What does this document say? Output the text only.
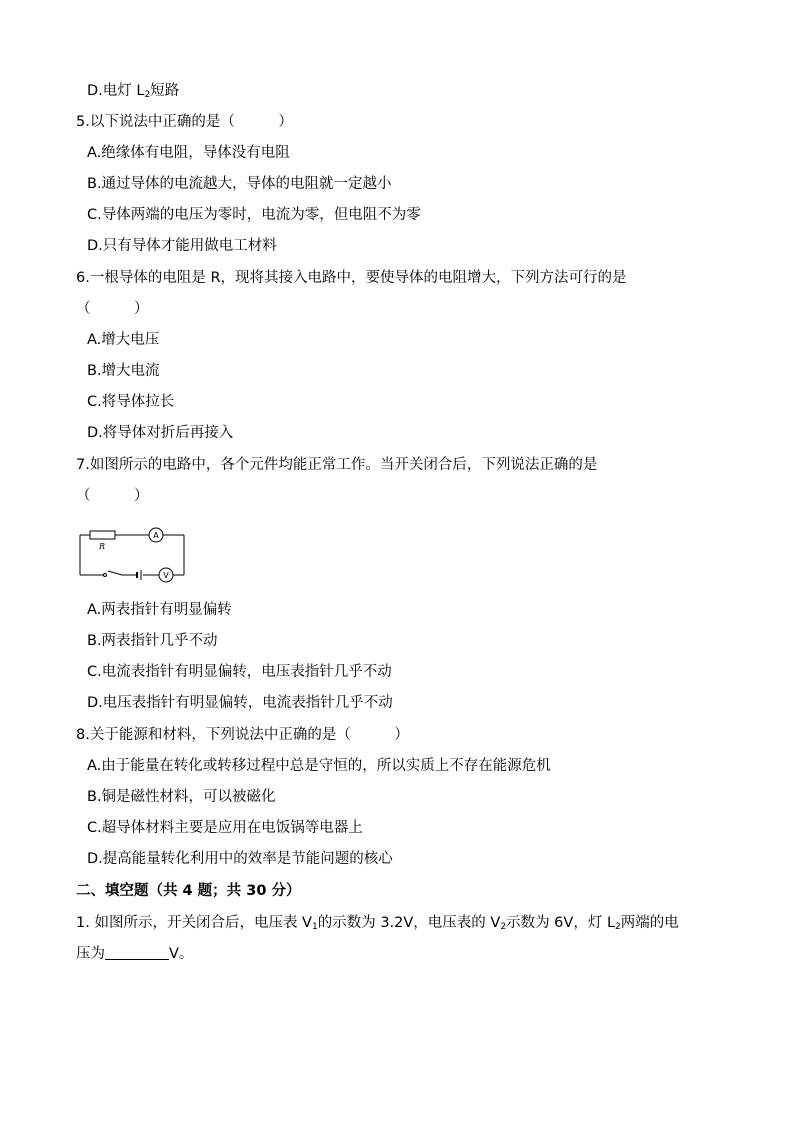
D.电灯 $L_2$短路
5.以下说法中正确的是（　　　）
A.绝缘体有电阻，导体没有电阻
B.通过导体的电流越大，导体的电阻就一定越小
C.导体两端的电压为零时，电流为零，但电阻不为零
D.只有导体才能用做电工材料
6.一根导体的电阻是 R，现将其接入电路中，要使导体的电阻增大，下列方法可行的是
（　　　）
A.增大电压
B.增大电流
C.将导体拉长
D.将导体对折后再接入
7.如图所示的电路中，各个元件均能正常工作。当开关闭合后，下列说法正确的是
（　　　）
R
A
V
A.两表指针有明显偏转
B.两表指针几乎不动
C.电流表指针有明显偏转，电压表指针几乎不动
D.电压表指针有明显偏转，电流表指针几乎不动
8.关于能源和材料，下列说法中正确的是（　　　）
A.由于能量在转化或转移过程中总是守恒的，所以实质上不存在能源危机
B.铜是磁性材料，可以被磁化
C.超导体材料主要是应用在电饭锅等电器上
D.提高能量转化利用中的效率是节能问题的核心
二、填空题（共 4 题；共 30 分）
1. 如图所示，开关闭合后，电压表 $V_1$的示数为 3.2V，电压表的 $V_2$示数为 6V，灯 $L_2$两端的电
压为	V。
